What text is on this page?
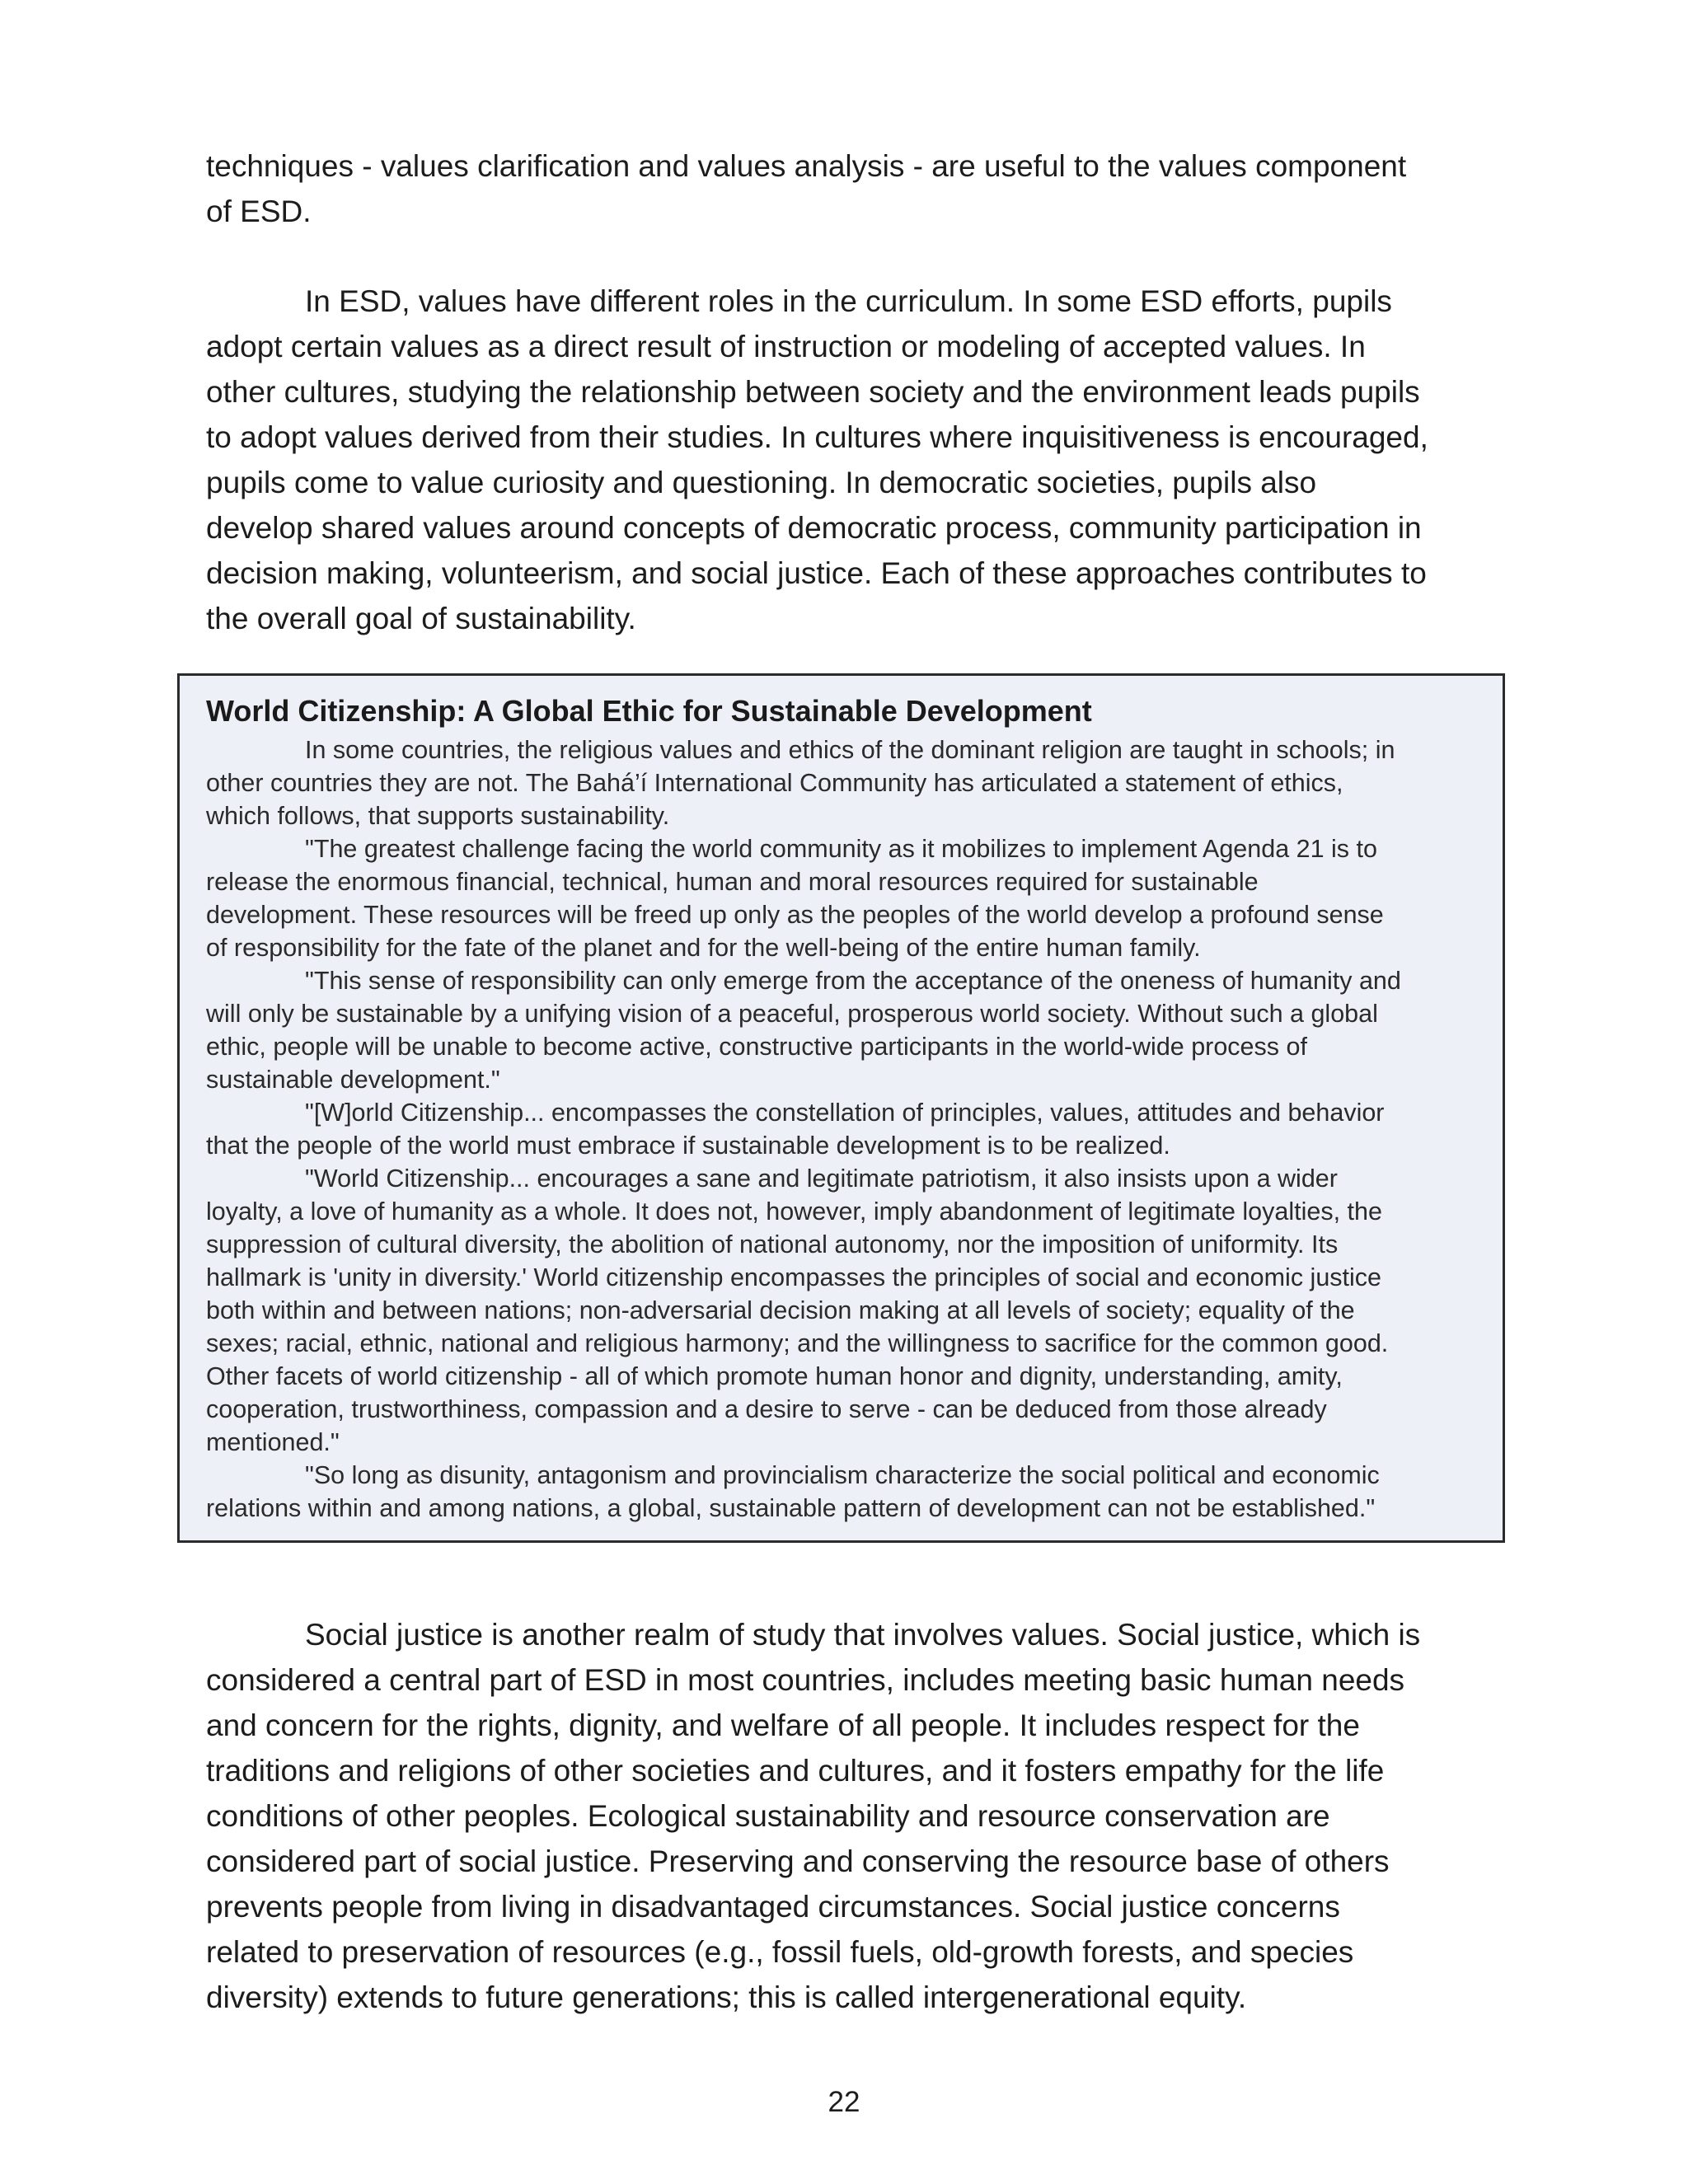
techniques - values clarification and values analysis - are useful to the values component

of ESD.

In ESD, values have different roles in the curriculum. In some ESD efforts, pupils

adopt certain values as a direct result of instruction or modeling of accepted values. In

other cultures, studying the relationship between society and the environment leads pupils

to adopt values derived from their studies. In cultures where inquisitiveness is encouraged,

pupils come to value curiosity and questioning. In democratic societies, pupils also

develop shared values around concepts of democratic process, community participation in

decision making, volunteerism, and social justice. Each of these approaches contributes to

the overall goal of sustainability.

World Citizenship: A Global Ethic for Sustainable Development

In some countries, the religious values and ethics of the dominant religion are taught in schools; in

other countries they are not. The Bahá’í International Community has articulated a statement of ethics,

which follows, that supports sustainability.

"The greatest challenge facing the world community as it mobilizes to implement Agenda 21 is to

release the enormous financial, technical, human and moral resources required for sustainable

development. These resources will be freed up only as the peoples of the world develop a profound sense

of responsibility for the fate of the planet and for the well-being of the entire human family.

"This sense of responsibility can only emerge from the acceptance of the oneness of humanity and

will only be sustainable by a unifying vision of a peaceful, prosperous world society. Without such a global

ethic, people will be unable to become active, constructive participants in the world-wide process of

sustainable development."

"[W]orld Citizenship... encompasses the constellation of principles, values, attitudes and behavior

that the people of the world must embrace if sustainable development is to be realized.

"World Citizenship... encourages a sane and legitimate patriotism, it also insists upon a wider

loyalty, a love of humanity as a whole. It does not, however, imply abandonment of legitimate loyalties, the

suppression of cultural diversity, the abolition of national autonomy, nor the imposition of uniformity. Its

hallmark is 'unity in diversity.' World citizenship encompasses the principles of social and economic justice

both within and between nations; non-adversarial decision making at all levels of society; equality of the

sexes; racial, ethnic, national and religious harmony; and the willingness to sacrifice for the common good.

Other facets of world citizenship - all of which promote human honor and dignity, understanding, amity,

cooperation, trustworthiness, compassion and a desire to serve - can be deduced from those already

mentioned."

"So long as disunity, antagonism and provincialism characterize the social political and economic

relations within and among nations, a global, sustainable pattern of development can not be established."

Social justice is another realm of study that involves values. Social justice, which is

considered a central part of ESD in most countries, includes meeting basic human needs

and concern for the rights, dignity, and welfare of all people. It includes respect for the

traditions and religions of other societies and cultures, and it fosters empathy for the life

conditions of other peoples. Ecological sustainability and resource conservation are

considered part of social justice. Preserving and conserving the resource base of others

prevents people from living in disadvantaged circumstances. Social justice concerns

related to preservation of resources (e.g., fossil fuels, old-growth forests, and species

diversity) extends to future generations; this is called intergenerational equity.

22
